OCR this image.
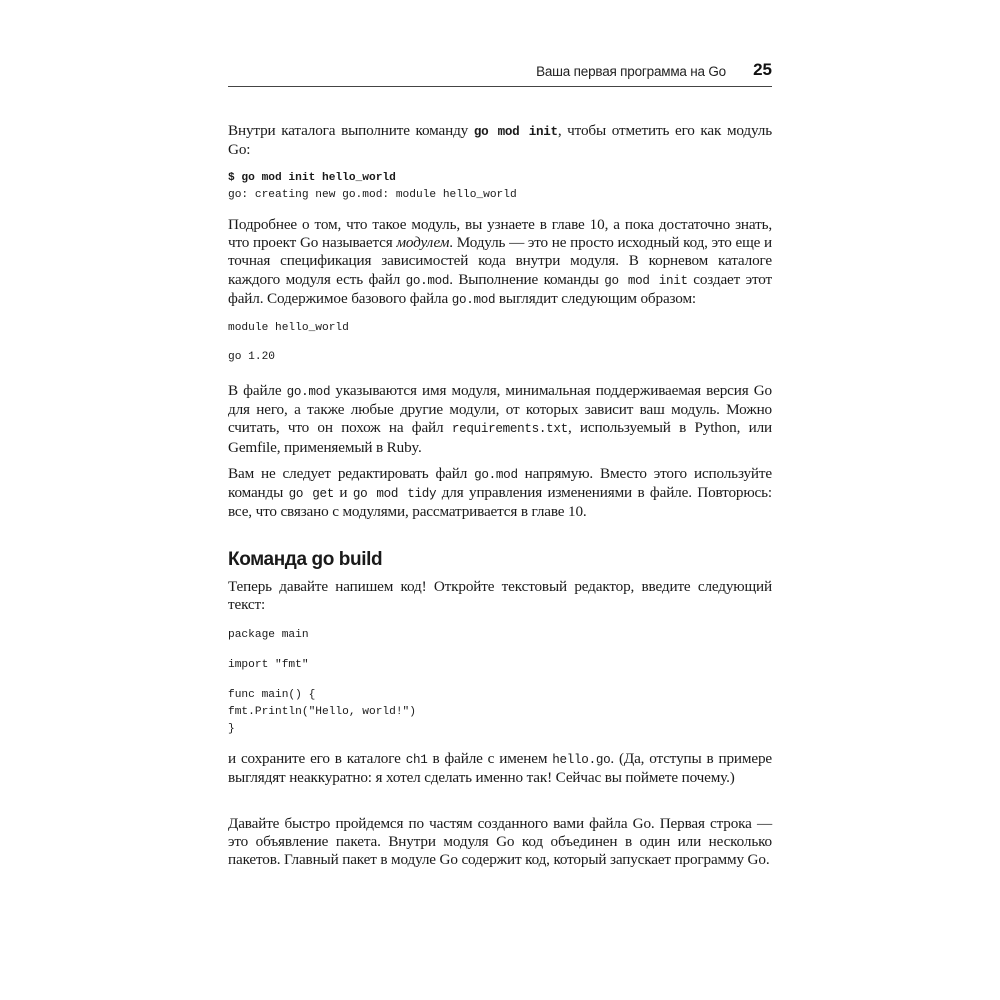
Ваша первая программа на Go 25

Внутри каталога выполните команду go mod init, чтобы отметить его как модуль Go:

$ go mod init hello_world
go: creating new go.mod: module hello_world

Подробнее о том, что такое модуль, вы узнаете в главе 10, а пока достаточно знать, что проект Go называется модулем. Модуль — это не просто исходный код, это еще и точная спецификация зависимостей кода внутри модуля. В корневом каталоге каждого модуля есть файл go.mod. Выполнение команды go mod init создает этот файл. Содержимое базового файла go.mod выглядит следующим образом:

module hello_world
go 1.20

В файле go.mod указываются имя модуля, минимальная поддерживаемая версия Go для него, а также любые другие модули, от которых зависит ваш модуль. Можно считать, что он похож на файл requirements.txt, используемый в Python, или Gemfile, применяемый в Ruby.

Вам не следует редактировать файл go.mod напрямую. Вместо этого используйте команды go get и go mod tidy для управления изменениями в файле. Повторюсь: все, что связано с модулями, рассматривается в главе 10.

Команда go build

Теперь давайте напишем код! Откройте текстовый редактор, введите следующий текст:

package main
import "fmt"
func main() {
fmt.Println("Hello, world!")
}

и сохраните его в каталоге ch1 в файле с именем hello.go. (Да, отступы в примере выглядят неаккуратно: я хотел сделать именно так! Сейчас вы поймете почему.)

Давайте быстро пройдемся по частям созданного вами файла Go. Первая строка — это объявление пакета. Внутри модуля Go код объединен в один или несколько пакетов. Главный пакет в модуле Go содержит код, который запускает программу Go.
